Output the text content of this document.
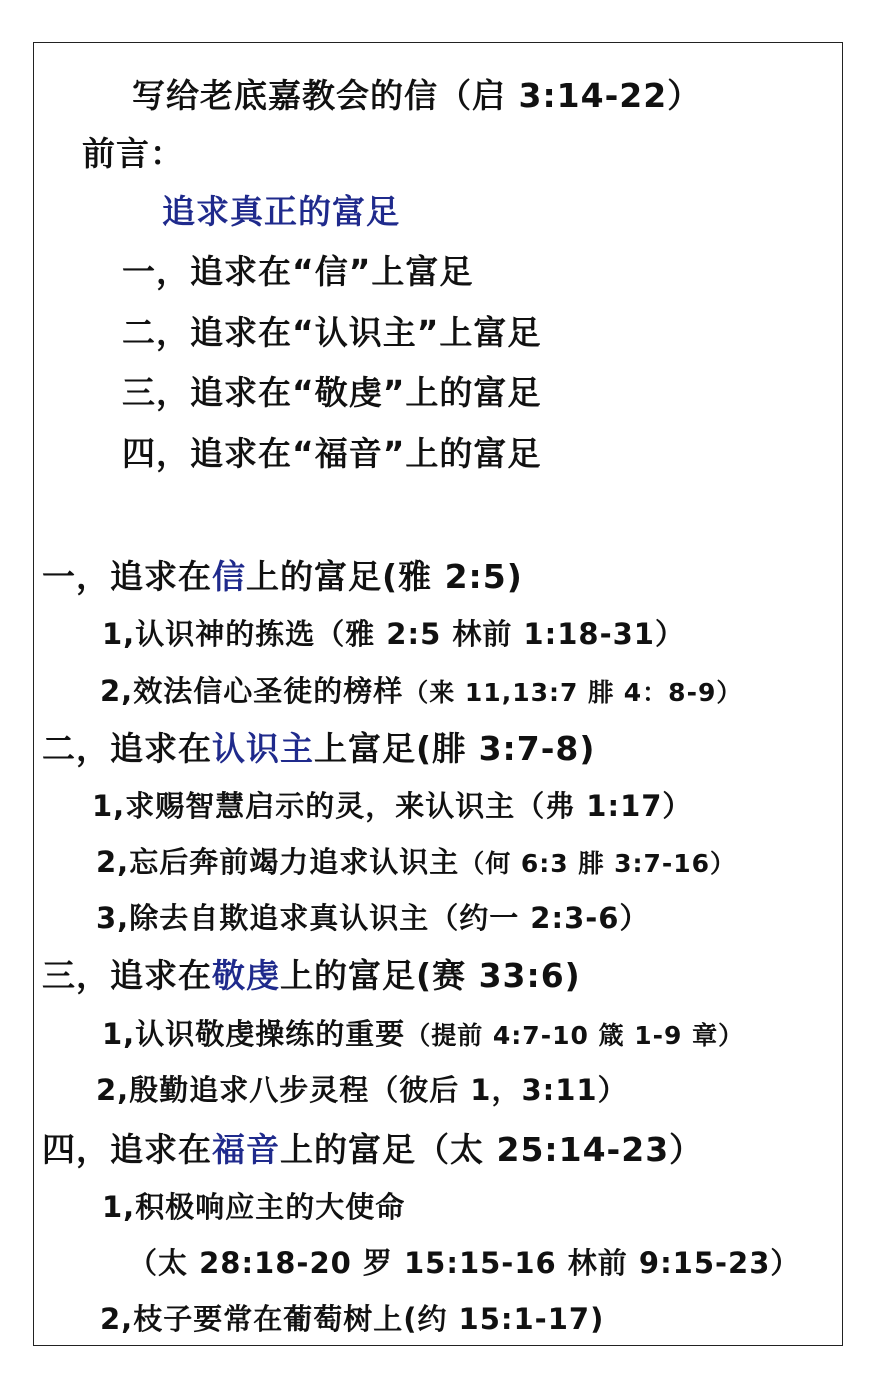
写给老底嘉教会的信（启 3:14-22）
前言：
追求真正的富足
一，追求在“信”上富足
二，追求在“认识主”上富足
三，追求在“敬虔”上的富足
四，追求在“福音”上的富足
一，追求在信上的富足(雅 2:5)
1,认识神的拣选（雅 2:5 林前 1:18-31）
2,效法信心圣徒的榜样（来 11,13:7 腓 4：8-9）
二，追求在认识主上富足(腓 3:7-8)
1,求赐智慧启示的灵，来认识主（弗 1:17）
2,忘后奔前竭力追求认识主（何 6:3 腓 3:7-16）
3,除去自欺追求真认识主（约一 2:3-6）
三，追求在敬虔上的富足(赛 33:6)
1,认识敬虔操练的重要（提前 4:7-10 箴 1-9 章）
2,殷勤追求八步灵程（彼后 1，3:11）
四，追求在福音上的富足（太 25:14-23）
1,积极响应主的大使命
（太 28:18-20 罗 15:15-16 林前 9:15-23）
2,枝子要常在葡萄树上(约 15:1-17)
